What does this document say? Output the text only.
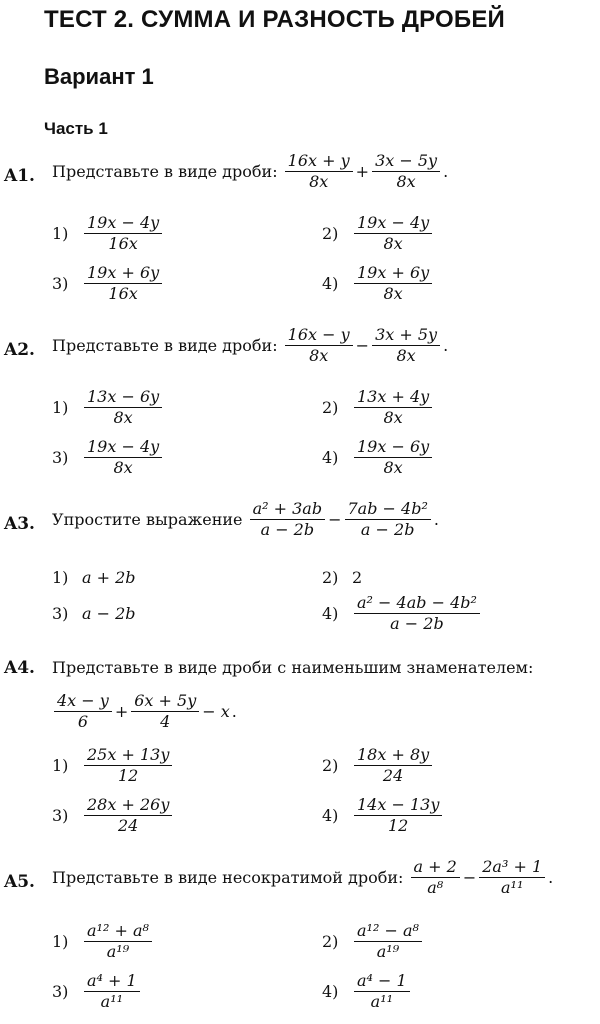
ТЕСТ 2. СУММА И РАЗНОСТЬ ДРОБЕЙ
Вариант 1
Часть 1
A1. Представьте в виде дроби:
$\frac{16x + y}{8x} + \frac{3x - 5y}{8x}$ .
$1) \frac{19x - 4y}{16x}$	$2) \frac{19x - 4y}{8x}$
$3) \frac{19x + 6y}{16x}$	$4) \frac{19x + 6y}{8x}$
A2. Представьте в виде дроби:
$\frac{16x - y}{8x} - \frac{3x + 5y}{8x}$ .
$1) \frac{13x - 6y}{8x}$	$2) \frac{13x + 4y}{8x}$
$3) \frac{19x - 4y}{8x}$	$4) \frac{19x - 6y}{8x}$
A3. Упростите выражение
$\frac{\text{a² + 3ab}}{a - 2b} - \frac{\text{7ab − 4b²}}{a - 2b}$ .
1) a + 2b	2) 2
3) a − 2b	$4) \frac{\text{a² − 4ab − 4b²}}{a - 2b}$
A4. Представьте в виде дроби с наименьшим знаменателем:
$\frac{4x - y}{6} + \frac{6x + 5y}{4} - x$ .
$1) \frac{25x + 13y}{12}$	$2) \frac{18x + 8y}{24}$
$3) \frac{28x + 26y}{24}$	$4) \frac{14x - 13y}{12}$
A5. Представьте в виде несократимой дроби:
$\frac{a + 2}{\text{a⁸}} - \frac{\text{2a³ + 1}}{\text{a¹¹}}$ .
$1) \frac{\text{a¹² + a⁸}}{\text{a¹⁹}}$	$2) \frac{\text{a¹² − a⁸}}{\text{a¹⁹}}$
$3) \frac{\text{a⁴ + 1}}{\text{a¹¹}}$	$4) \frac{\text{a⁴ − 1}}{\text{a¹¹}}$
